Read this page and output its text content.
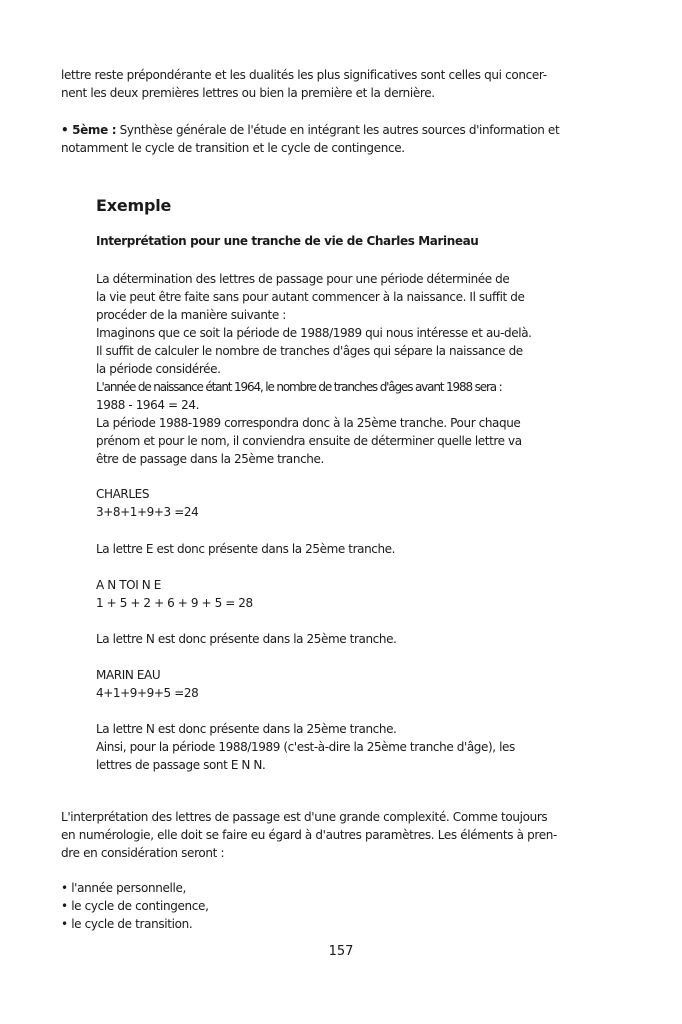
lettre reste prépondérante et les dualités les plus significatives sont celles qui concer-
nent les deux premières lettres ou bien la première et la dernière.
• 5ème : Synthèse générale de l'étude en intégrant les autres sources d'information et
notamment le cycle de transition et le cycle de contingence.
Exemple
Interprétation pour une tranche de vie de Charles Marineau
La détermination des lettres de passage pour une période déterminée de
la vie peut être faite sans pour autant commencer à la naissance. Il suffit de
procéder de la manière suivante :
Imaginons que ce soit la période de 1988/1989 qui nous intéresse et au-delà.
Il suffit de calculer le nombre de tranches d'âges qui sépare la naissance de
la période considérée.
L'année de naissance étant 1964, le nombre de tranches d'âges avant 1988 sera :
1988 - 1964 = 24.
La période 1988-1989 correspondra donc à la 25ème tranche. Pour chaque
prénom et pour le nom, il conviendra ensuite de déterminer quelle lettre va
être de passage dans la 25ème tranche.
CHARLES
3+8+1+9+3 =24
La lettre E est donc présente dans la 25ème tranche.
A N TOI N E
1 + 5 + 2 + 6 + 9 + 5 = 28
La lettre N est donc présente dans la 25ème tranche.
MARIN EAU
4+1+9+9+5 =28
La lettre N est donc présente dans la 25ème tranche.
Ainsi, pour la période 1988/1989 (c'est-à-dire la 25ème tranche d'âge), les
lettres de passage sont E N N.
L'interprétation des lettres de passage est d'une grande complexité. Comme toujours
en numérologie, elle doit se faire eu égard à d'autres paramètres. Les éléments à pren-
dre en considération seront :
• l'année personnelle,
• le cycle de contingence,
• le cycle de transition.
157
